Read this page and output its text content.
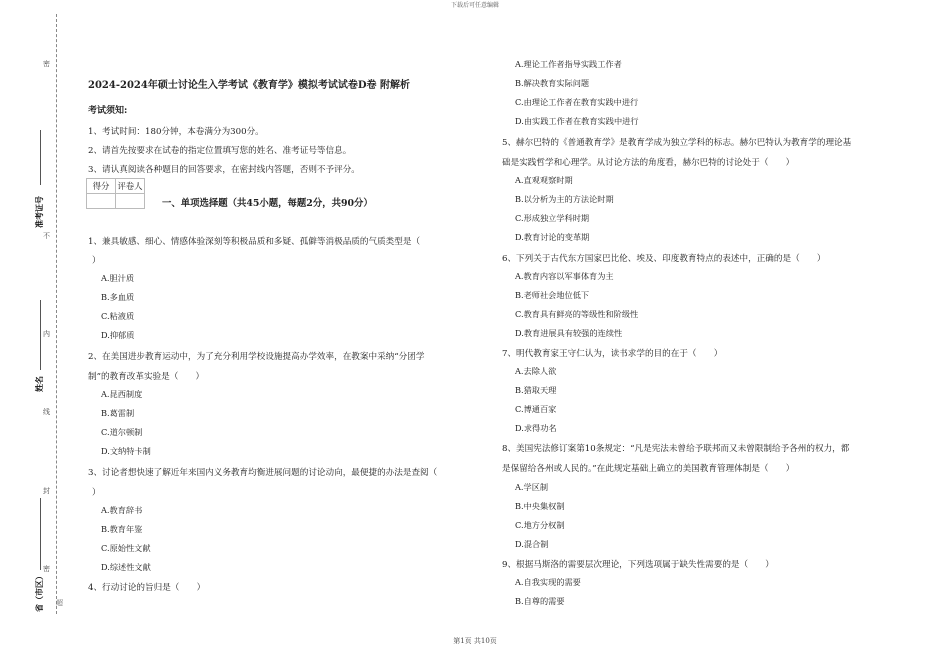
下载后可任意编辑
密
不
内
线
封
密
准考证号
姓名
省（市区） 超
2024-2024年硕士讨论生入学考试《教育学》模拟考试试卷D卷 附解析
考试须知:
1、考试时间：180分钟，本卷满分为300分。
2、请首先按要求在试卷的指定位置填写您的姓名、准考证号等信息。
3、请认真阅读各种题目的回答要求，在密封线内答题，否则不予评分。
得分	评卷人

一、单项选择题（共45小题，每题2分，共90分）
1、兼具敏感、细心、情感体验深刻等积极品质和多疑、孤僻等消极品质的气质类型是（
）
A.胆汁质
B.多血质
C.粘液质
D.抑郁质
2、在美国进步教育运动中，为了充分利用学校设施提高办学效率，在教案中采纳“分团学
制”的教育改革实验是（　　）
A.昆西制度
B.葛雷制
C.道尔顿制
D.文纳特卡制
3、讨论者想快速了解近年来国内义务教育均衡进展问题的讨论动向，最便捷的办法是查阅（
）
A.教育辞书
B.教育年鉴
C.原始性文献
D.综述性文献
4、行动讨论的旨归是（　　）
A.理论工作者指导实践工作者
B.解决教育实际问题
C.由理论工作者在教育实践中进行
D.由实践工作者在教育实践中进行
5、赫尔巴特的《普通教育学》是教育学成为独立学科的标志。赫尔巴特认为教育学的理论基
础是实践哲学和心理学。从讨论方法的角度看，赫尔巴特的讨论处于（　　）
A.直观观察时期
B.以分析为主的方法论时期
C.形成独立学科时期
D.教育讨论的变革期
6、下列关于古代东方国家巴比伦、埃及、印度教育特点的表述中，正确的是（　　）
A.教育内容以军事体育为主
B.老师社会地位低下
C.教育具有鲜亮的等级性和阶级性
D.教育进展具有较强的连续性
7、明代教育家王守仁认为，读书求学的目的在于（　　）
A.去除人欲
B.猎取天理
C.博通百家
D.求得功名
8、美国宪法修订案第10条规定：“凡是宪法未曾给予联邦而又未曾限制给予各州的权力，都
是保留给各州或人民的。”在此规定基础上确立的美国教育管理体制是（　　）
A.学区制
B.中央集权制
C.地方分权制
D.混合制
9、根据马斯洛的需要层次理论，下列选项属于缺失性需要的是（　　）
A.自我实现的需要
B.自尊的需要
第1页 共10页
